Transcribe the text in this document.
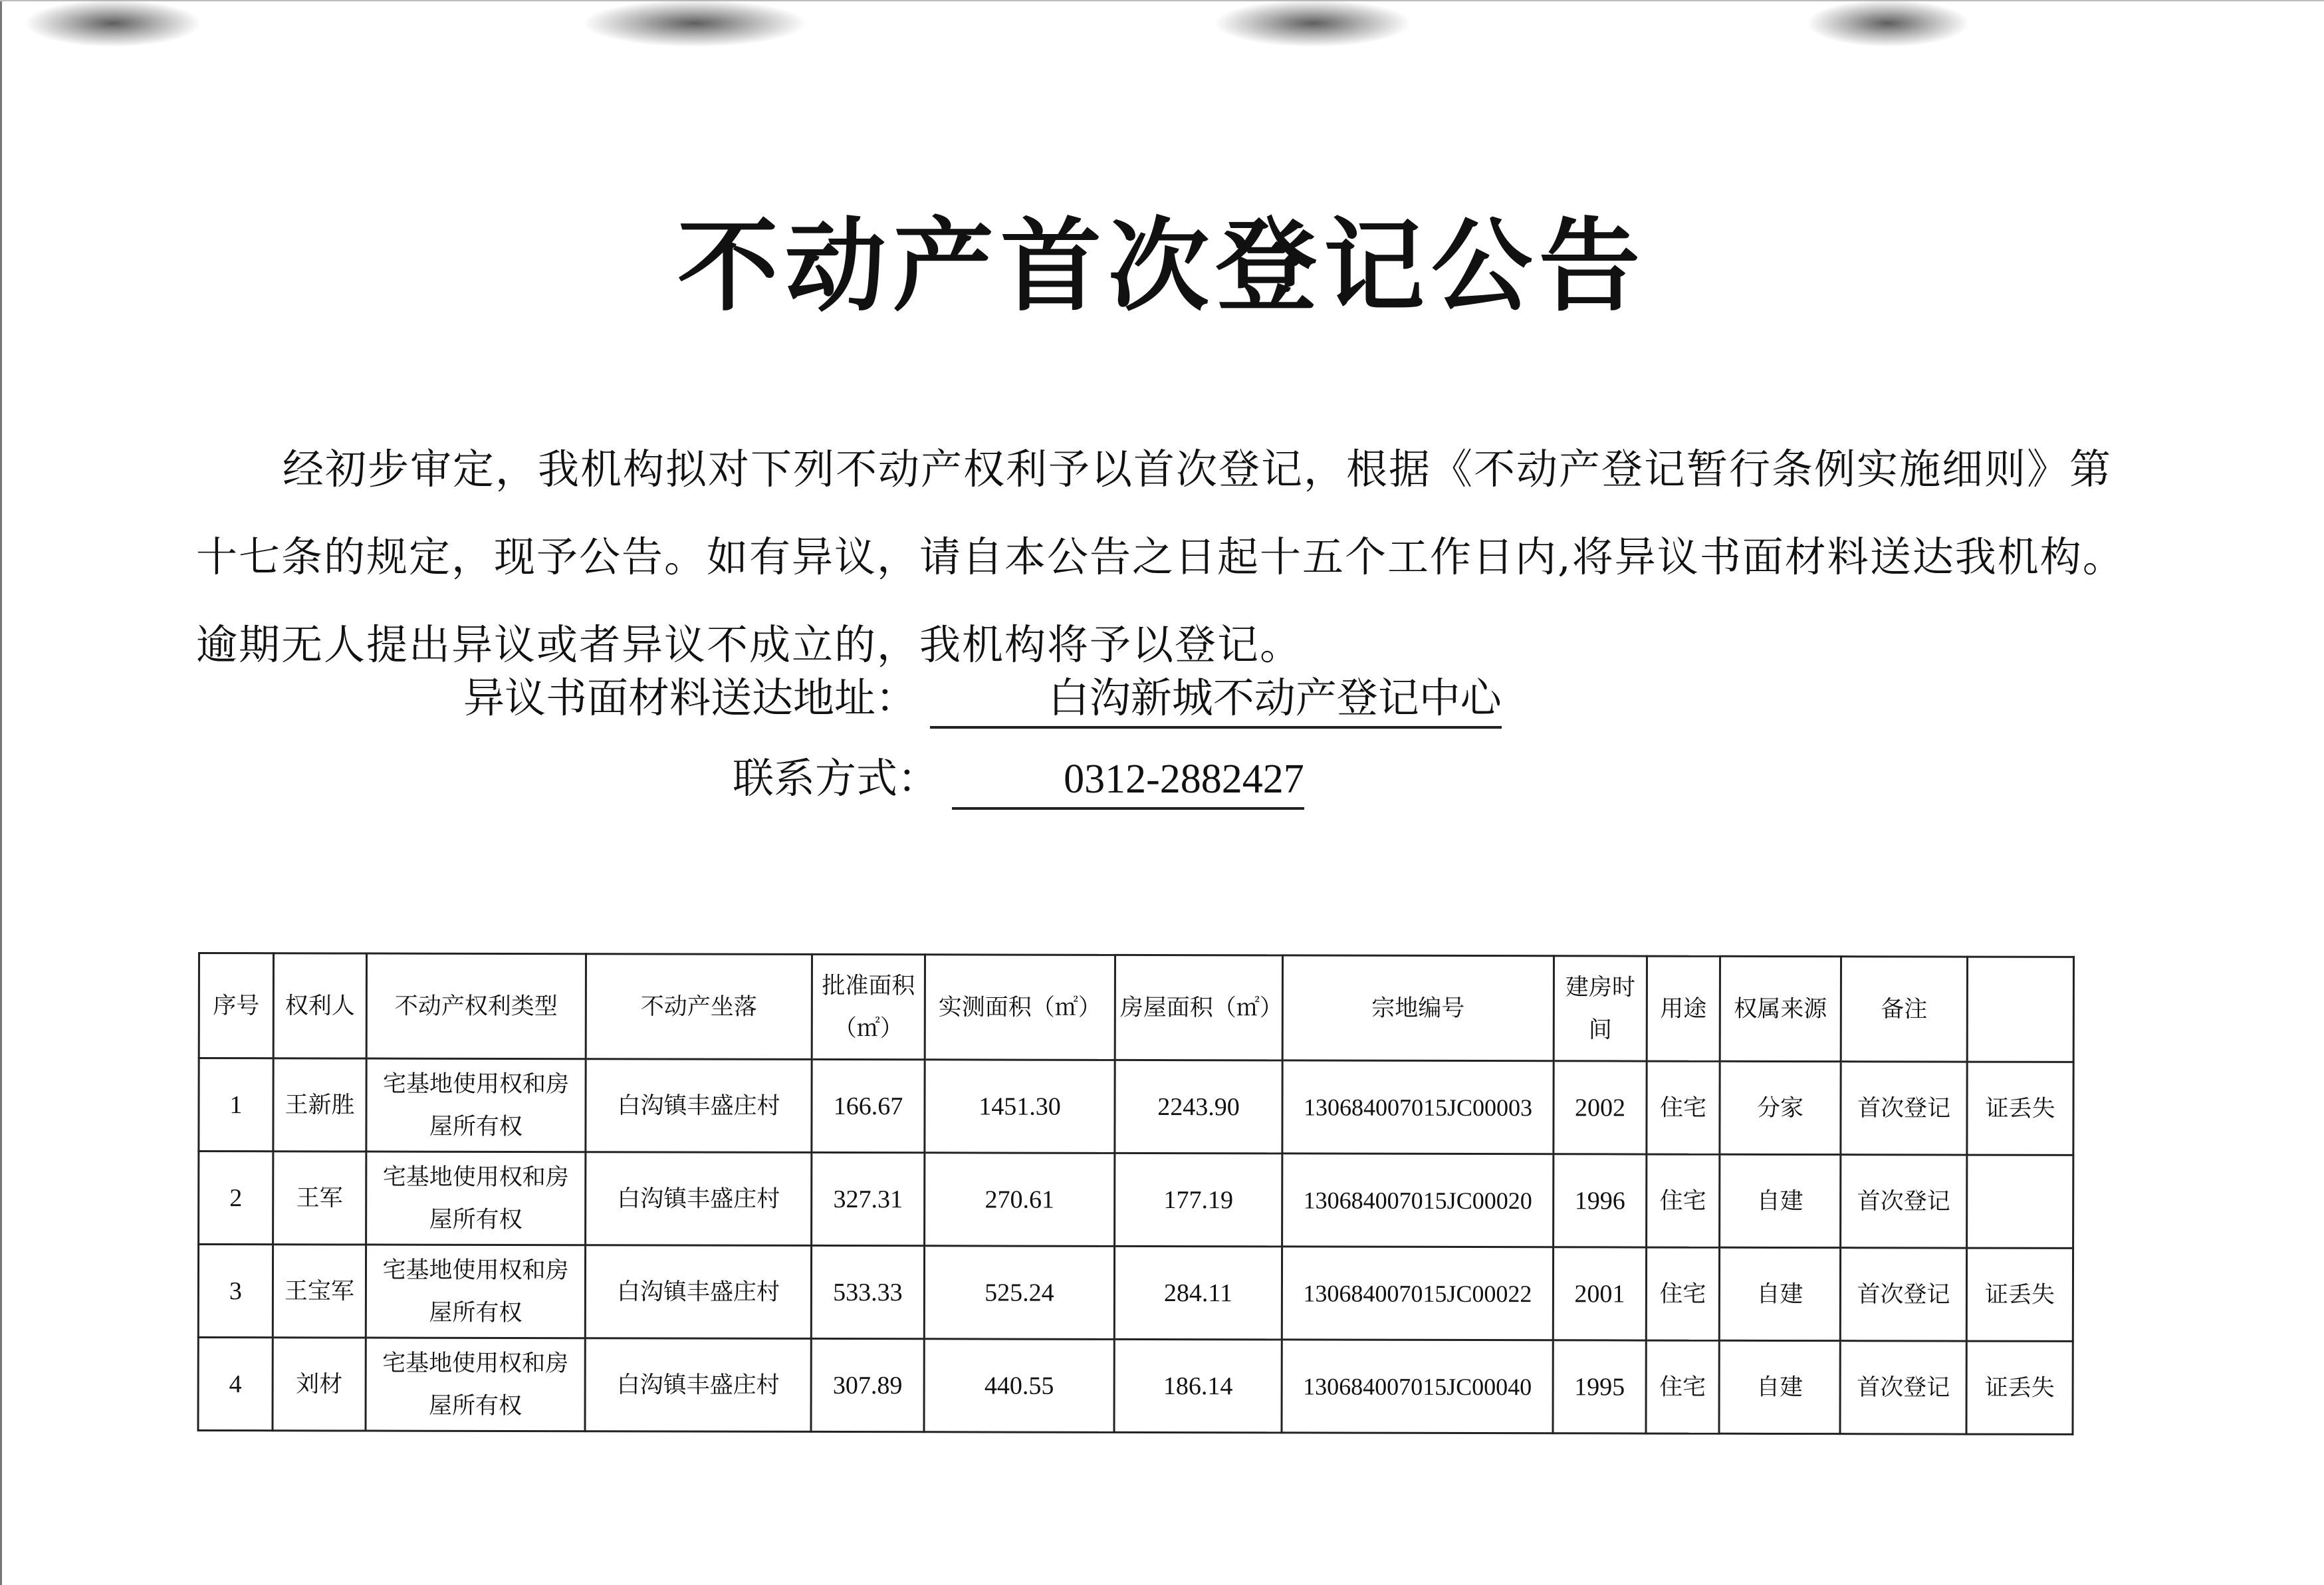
不动产首次登记公告

经初步审定，我机构拟对下列不动产权利予以首次登记，根据《不动产登记暂行条例实施细则》第十七条的规定，现予公告。如有异议，请自本公告之日起十五个工作日内,将异议书面材料送达我机构。逾期无人提出异议或者异议不成立的，我机构将予以登记。

异议书面材料送达地址：	白沟新城不动产登记中心
联系方式：	0312-2882427
序号	权利人	不动产权利类型	不动产坐落	批准面积（㎡）	实测面积（㎡）	房屋面积（㎡）	宗地编号	建房时间	用途	权属来源	备注	
1	王新胜	宅基地使用权和房屋所有权	白沟镇丰盛庄村	166.67	1451.30	2243.90	130684007015JC00003	2002	住宅	分家	首次登记	证丢失
2	王军	宅基地使用权和房屋所有权	白沟镇丰盛庄村	327.31	270.61	177.19	130684007015JC00020	1996	住宅	自建	首次登记	
3	王宝军	宅基地使用权和房屋所有权	白沟镇丰盛庄村	533.33	525.24	284.11	130684007015JC00022	2001	住宅	自建	首次登记	证丢失
4	刘材	宅基地使用权和房屋所有权	白沟镇丰盛庄村	307.89	440.55	186.14	130684007015JC00040	1995	住宅	自建	首次登记	证丢失
